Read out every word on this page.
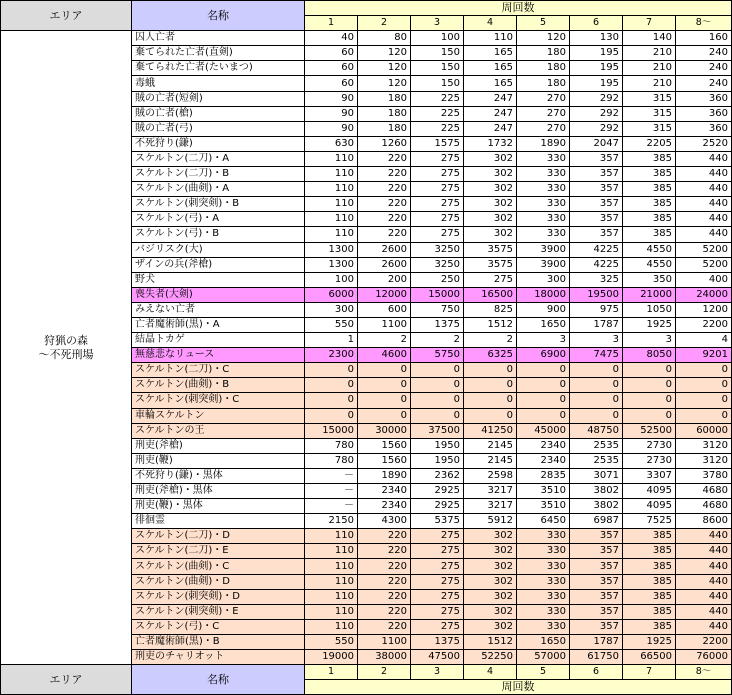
エリア	名称	周回数							
		1	2	3	4	5	6	7	8～

狩猟の森
～不死刑場	囚人亡者	40	80	100	110	120	130	140	160
	棄てられた亡者(直剣)	60	120	150	165	180	195	210	240
	棄てられた亡者(たいまつ)	60	120	150	165	180	195	210	240
	毒蛾	60	120	150	165	180	195	210	240
	賊の亡者(短剣)	90	180	225	247	270	292	315	360
	賊の亡者(槍)	90	180	225	247	270	292	315	360
	賊の亡者(弓)	90	180	225	247	270	292	315	360
	不死狩り(鎌)	630	1260	1575	1732	1890	2047	2205	2520
	スケルトン(二刀)・A	110	220	275	302	330	357	385	440
	スケルトン(二刀)・B	110	220	275	302	330	357	385	440
	スケルトン(曲剣)・A	110	220	275	302	330	357	385	440
	スケルトン(刺突剣)・B	110	220	275	302	330	357	385	440
	スケルトン(弓)・A	110	220	275	302	330	357	385	440
	スケルトン(弓)・B	110	220	275	302	330	357	385	440
	バジリスク(大)	1300	2600	3250	3575	3900	4225	4550	5200
	ザインの兵(斧槍)	1300	2600	3250	3575	3900	4225	4550	5200
	野犬	100	200	250	275	300	325	350	400
	喪失者(大剣)	6000	12000	15000	16500	18000	19500	21000	24000
	みえない亡者	300	600	750	825	900	975	1050	1200
	亡者魔術師(黒)・A	550	1100	1375	1512	1650	1787	1925	2200
	結晶トカゲ	1	2	2	2	3	3	3	4
	無慈悲なリュース	2300	4600	5750	6325	6900	7475	8050	9201
	スケルトン(二刀)・C	0	0	0	0	0	0	0	0
	スケルトン(曲剣)・B	0	0	0	0	0	0	0	0
	スケルトン(刺突剣)・C	0	0	0	0	0	0	0	0
	車輪スケルトン	0	0	0	0	0	0	0	0
	スケルトンの王	15000	30000	37500	41250	45000	48750	52500	60000
	刑吏(斧槍)	780	1560	1950	2145	2340	2535	2730	3120
	刑吏(鞭)	780	1560	1950	2145	2340	2535	2730	3120
	不死狩り(鎌)・黒体	－	1890	2362	2598	2835	3071	3307	3780
	刑吏(斧槍)・黒体	－	2340	2925	3217	3510	3802	4095	4680
	刑吏(鞭)・黒体	－	2340	2925	3217	3510	3802	4095	4680
	徘徊霊	2150	4300	5375	5912	6450	6987	7525	8600
	スケルトン(二刀)・D	110	220	275	302	330	357	385	440
	スケルトン(二刀)・E	110	220	275	302	330	357	385	440
	スケルトン(曲剣)・C	110	220	275	302	330	357	385	440
	スケルトン(曲剣)・D	110	220	275	302	330	357	385	440
	スケルトン(刺突剣)・D	110	220	275	302	330	357	385	440
	スケルトン(刺突剣)・E	110	220	275	302	330	357	385	440
	スケルトン(弓)・C	110	220	275	302	330	357	385	440
	亡者魔術師(黒)・B	550	1100	1375	1512	1650	1787	1925	2200
	刑吏のチャリオット	19000	38000	47500	52250	57000	61750	66500	76000
エリア	名称	1	2	3	4	5	6	7	8～
		周回数							
